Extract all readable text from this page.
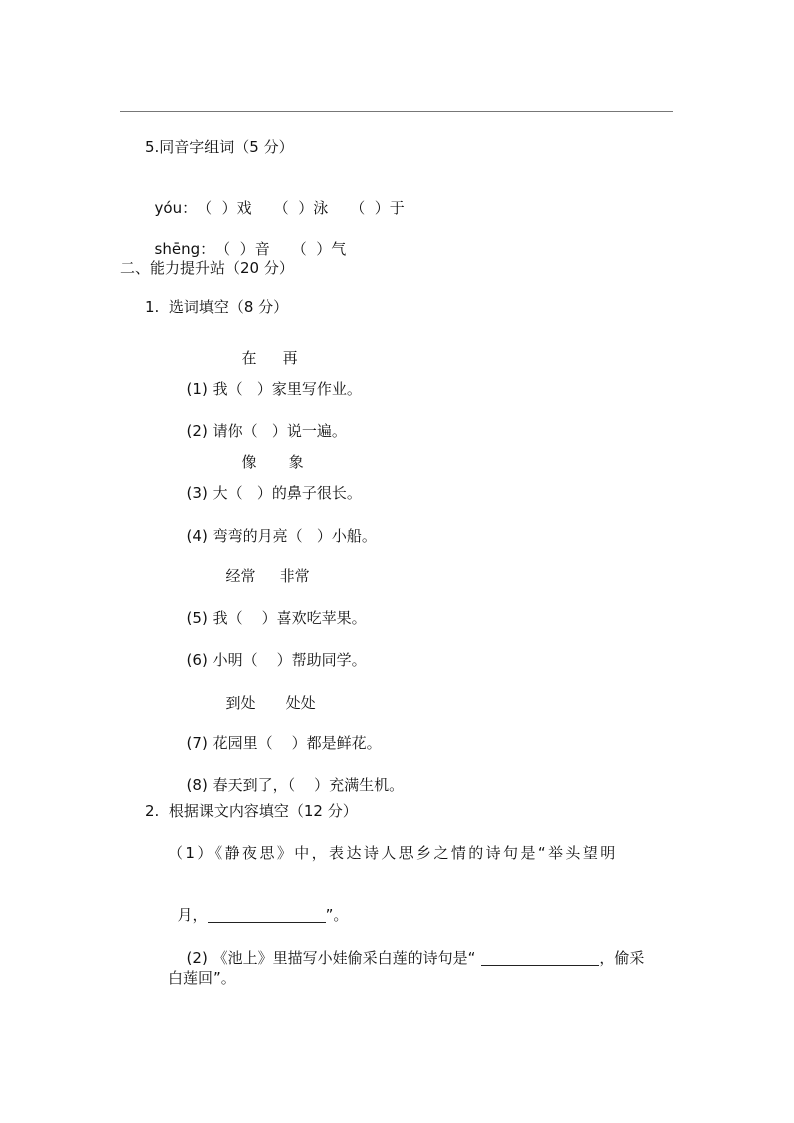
5.同音字组词（5 分）

yóu：（  ）戏 （  ）泳 （  ）于

shēng：（  ）音 （  ）气

二、能力提升站（20 分）
1.  选词填空（8 分）

在 再

(1) 我（ ）家里写作业。

(2) 请你（ ）说一遍。

像 象

(3) 大（ ）的鼻子很长。

(4) 弯弯的月亮（ ）小船。

经常 非常

(5) 我（ ）喜欢吃苹果。

(6) 小明（ ）帮助同学。

到处 处处

(7) 花园里（ ）都是鲜花。

(8) 春天到了，（ ）充满生机。

2.  根据课文内容填空（12 分）
（1）《静夜思》中，表达诗人思乡之情的诗句是“举头望明

月，	”。

(2) 《池上》里描写小娃偷采白莲的诗句是“	，偷采

白莲回”。
